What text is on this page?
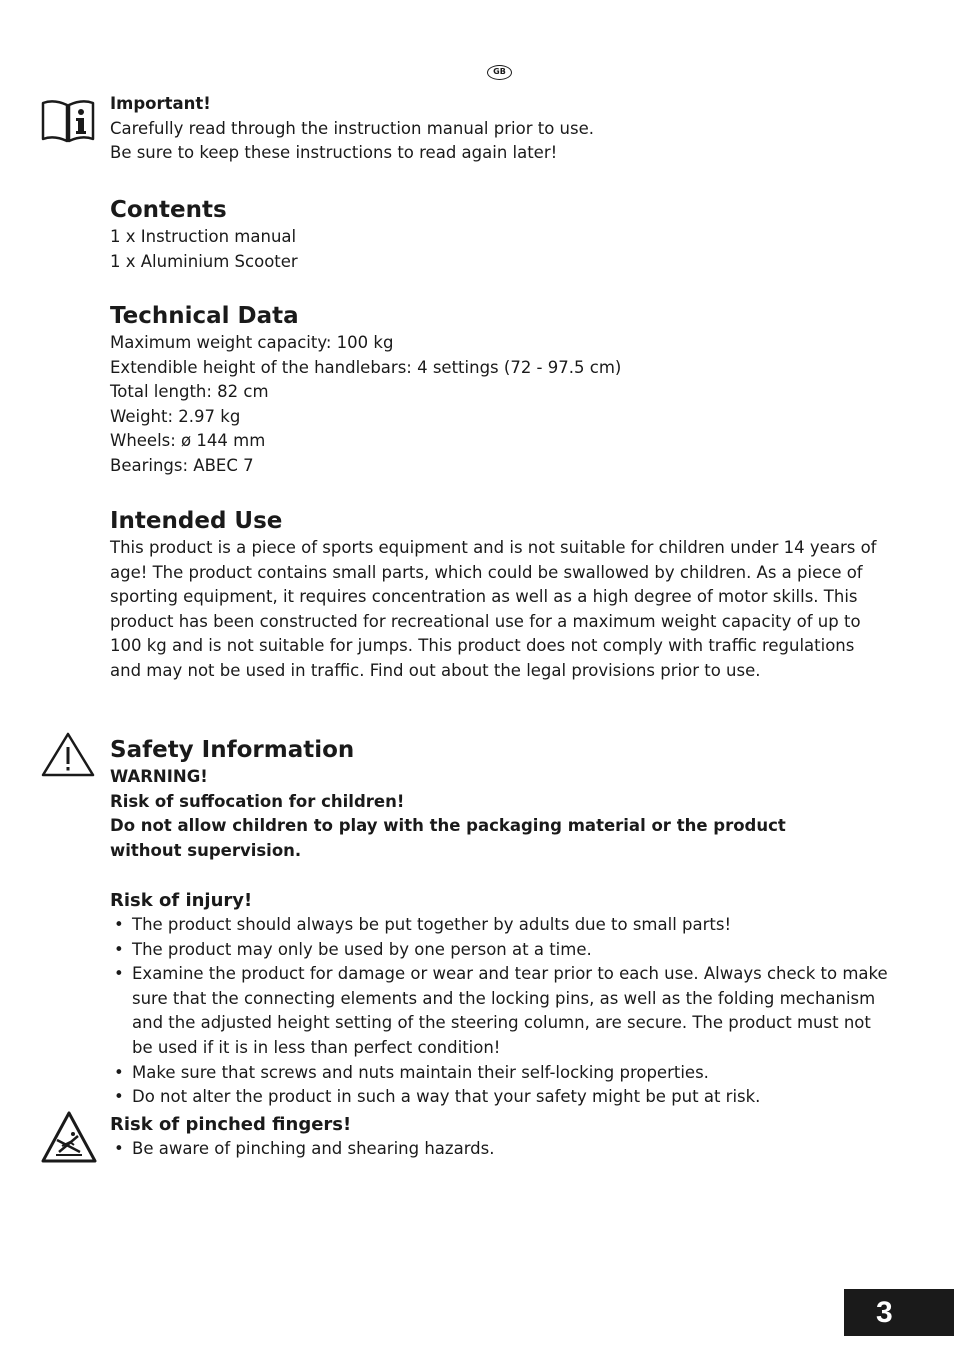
GB

Important!

Carefully read through the instruction manual prior to use.

Be sure to keep these instructions to read again later!

Contents

1 x Instruction manual

1 x Aluminium Scooter

Technical Data

Maximum weight capacity: 100 kg

Extendible height of the handlebars: 4 settings (72 - 97.5 cm)

Total length: 82 cm

Weight: 2.97 kg

Wheels: ø 144 mm

Bearings: ABEC 7

Intended Use

This product is a piece of sports equipment and is not suitable for children under 14 years of age! The product contains small parts, which could be swallowed by children. As a piece of sporting equipment, it requires concentration as well as a high degree of motor skills. This product has been constructed for recreational use for a maximum weight capacity of up to 100 kg and is not suitable for jumps. This product does not comply with traffic regulations and may not be used in traffic. Find out about the legal provisions prior to use.

Safety Information

WARNING!

Risk of suffocation for children!

Do not allow children to play with the packaging material or the product without supervision.

Risk of injury!
• The product should always be put together by adults due to small parts!
• The product may only be used by one person at a time.
• Examine the product for damage or wear and tear prior to each use. Always check to make sure that the connecting elements and the locking pins, as well as the folding mechanism and the adjusted height setting of the steering column, are secure. The product must not be used if it is in less than perfect condition!
• Make sure that screws and nuts maintain their self-locking properties.
• Do not alter the product in such a way that your safety might be put at risk.
Risk of pinched fingers!
• Be aware of pinching and shearing hazards.
3
